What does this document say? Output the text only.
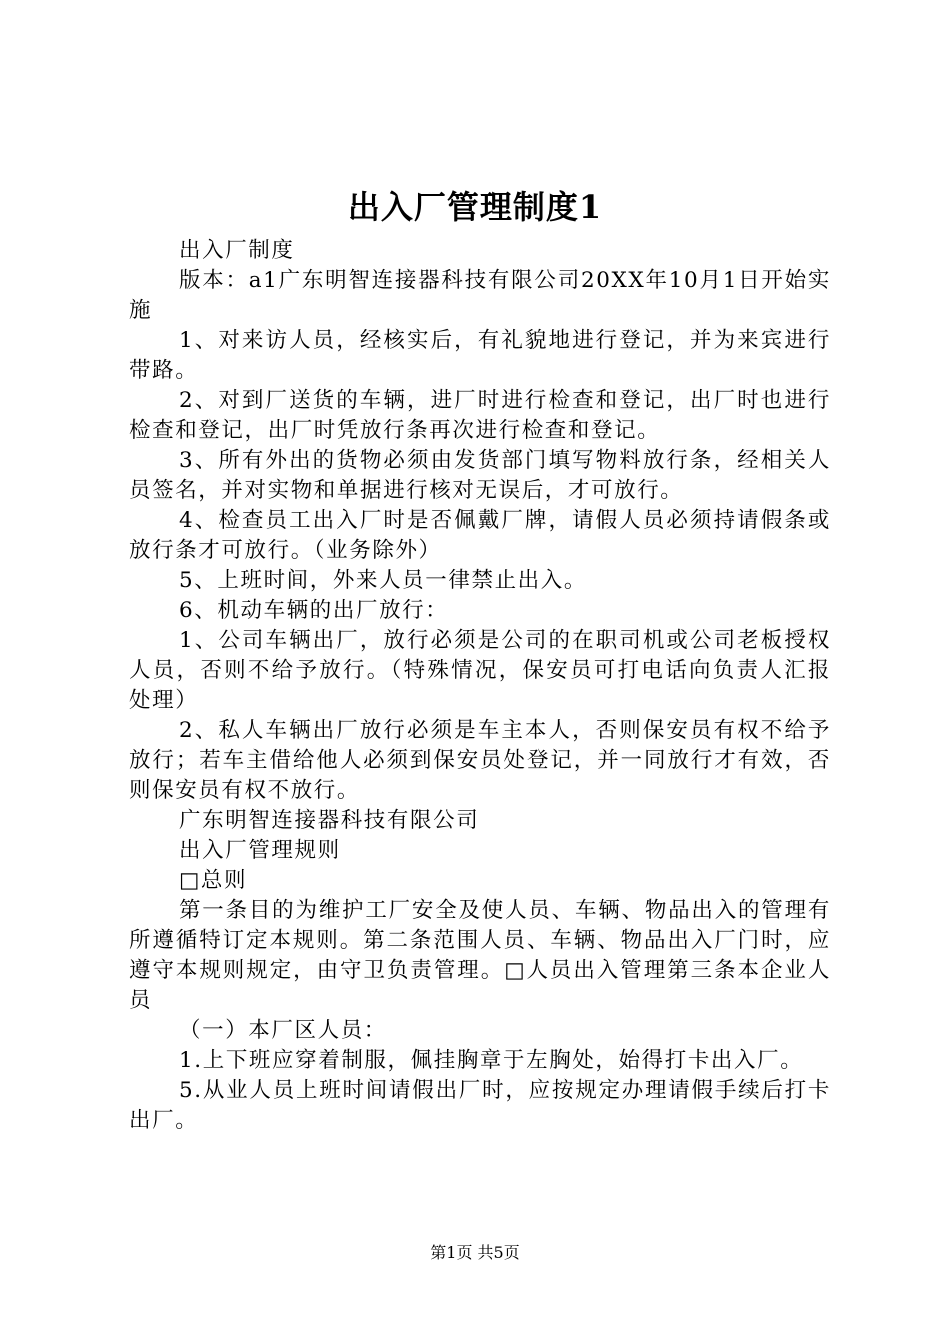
出入厂管理制度1

出入厂制度

版本：a1广东明智连接器科技有限公司20XX年10月1日开始实施

1、对来访人员，经核实后，有礼貌地进行登记，并为来宾进行带路。

2、对到厂送货的车辆，进厂时进行检查和登记，出厂时也进行检查和登记，出厂时凭放行条再次进行检查和登记。

3、所有外出的货物必须由发货部门填写物料放行条，经相关人员签名，并对实物和单据进行核对无误后，才可放行。

4、检查员工出入厂时是否佩戴厂牌，请假人员必须持请假条或放行条才可放行。（业务除外）

5、上班时间，外来人员一律禁止出入。

6、机动车辆的出厂放行：

1、公司车辆出厂，放行必须是公司的在职司机或公司老板授权人员，否则不给予放行。（特殊情况，保安员可打电话向负责人汇报处理）

2、私人车辆出厂放行必须是车主本人，否则保安员有权不给予放行；若车主借给他人必须到保安员处登记，并一同放行才有效，否则保安员有权不放行。

广东明智连接器科技有限公司

出入厂管理规则

□总则

第一条目的为维护工厂安全及使人员、车辆、物品出入的管理有所遵循特订定本规则。第二条范围人员、车辆、物品出入厂门时，应遵守本规则规定，由守卫负责管理。□人员出入管理第三条本企业人员

（一）本厂区人员：

1.上下班应穿着制服，佩挂胸章于左胸处，始得打卡出入厂。

5.从业人员上班时间请假出厂时，应按规定办理请假手续后打卡出厂。

第1页 共5页
